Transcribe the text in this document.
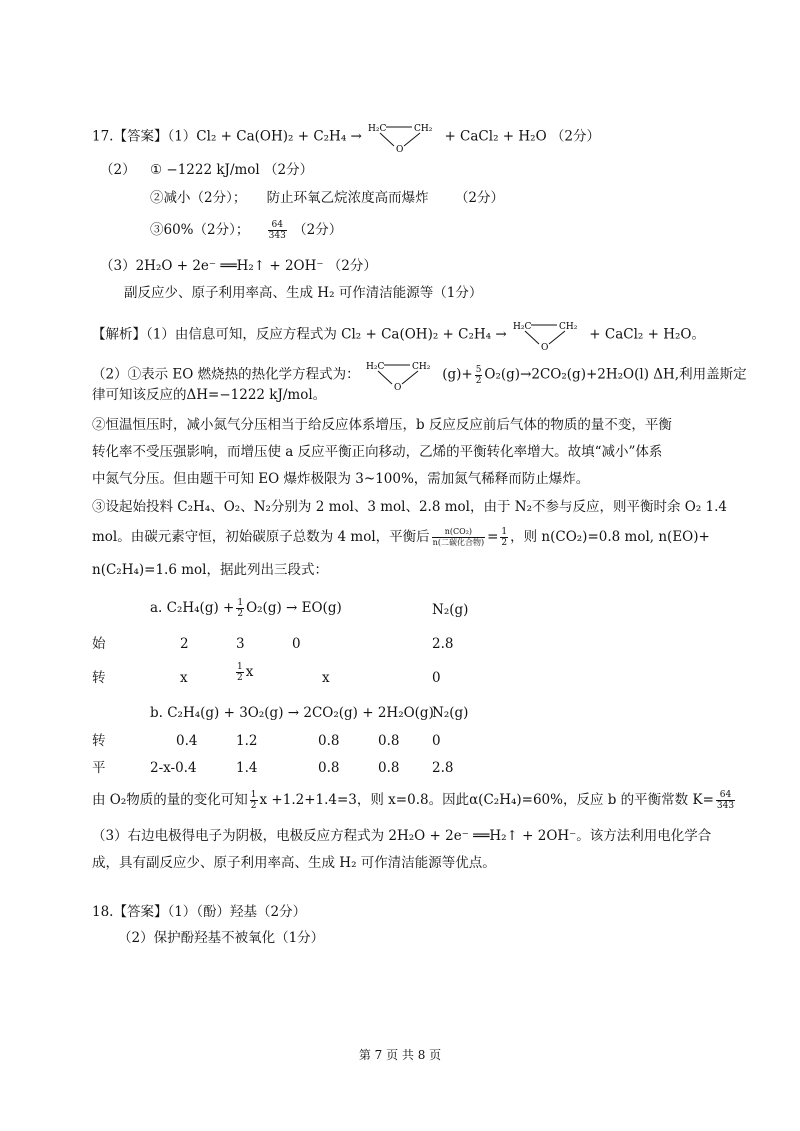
17.【答案】（1）Cl₂ + Ca(OH)₂ + C₂H₄ → H₂C	CH₂
O
+ CaCl₂ + H₂O （2分）
（2） ① −1222 kJ/mol （2分）
②减小（2分）； 防止环氧乙烷浓度高而爆炸 （2分）
③60%（2分）； $\frac{64}{343} (2$分）
（3）2H₂O + 2e⁻ ══H₂↑ + 2OH⁻ （2分）
副反应少、原子利用率高、生成 H₂ 可作清洁能源等（1分）
【解析】（1）由信息可知，反应方程式为 Cl₂ + Ca(OH)₂ + C₂H₄ → H₂C	CH₂
O
+ CaCl₂ + H₂O。
（2）①表示 EO 燃烧热的热化学方程式为： H₂C	CH₂
O
$(g)+ \frac{5}{2} O_2(g)\to 2CO_2(g)+2H_2O(l)$ ΔH,利用盖斯定
律可知该反应的ΔH=−1222 kJ/mol。
②恒温恒压时，减小氮气分压相当于给反应体系增压，b 反应反应前后气体的物质的量不变，平衡
转化率不受压强影响，而增压使 a 反应平衡正向移动，乙烯的平衡转化率增大。故填“减小”体系
中氮气分压。但由题干可知 EO 爆炸极限为 3~100%，需加氮气稀释而防止爆炸。
③设起始投料 C₂H₄、O₂、N₂分别为 2 mol、3 mol、2.8 mol，由于 N₂不参与反应，则平衡时余 O₂ 1.4
mol。由碳元素守恒，初始碳原子总数为 4 mol，平衡后 $\frac{\text{n(CO₂)}}{\text{n(二碳化合物)}} = \frac{1}{2}$ ，则 n(CO₂)=0.8 mol, n(EO)+
n(C₂H₄)=1.6 mol，据此列出三段式：
a. $C_2H_4(g) + \frac{1}{2} O_2(g) \to EO(g)$	N₂(g)
始	2	3	0	2.8
转	x	$\frac{1}{2}$ x	x	0
b. C₂H₄(g) + 3O₂(g) → 2CO₂(g) + 2H₂O(g)
N₂(g)
转	0.4	1.2	0.8	0.8 0
平	2-x-0.4	1.4	0.8	0.8 2.8
由 O₂物质的量的变化可知 $\frac{1}{2}$ x +1.2+1.4=3，则 x=0.8。因此α(C₂H₄)=60%，反应 b 的平衡常数 $K= \frac{64}{343}$
（3）右边电极得电子为阴极，电极反应方程式为 2H₂O + 2e⁻ ══H₂↑ + 2OH⁻。该方法利用电化学合
成，具有副反应少、原子利用率高、生成 H₂ 可作清洁能源等优点。
18.【答案】（1）（酚）羟基（2分）
（2）保护酚羟基不被氧化（1分）
第 7 页 共 8 页
